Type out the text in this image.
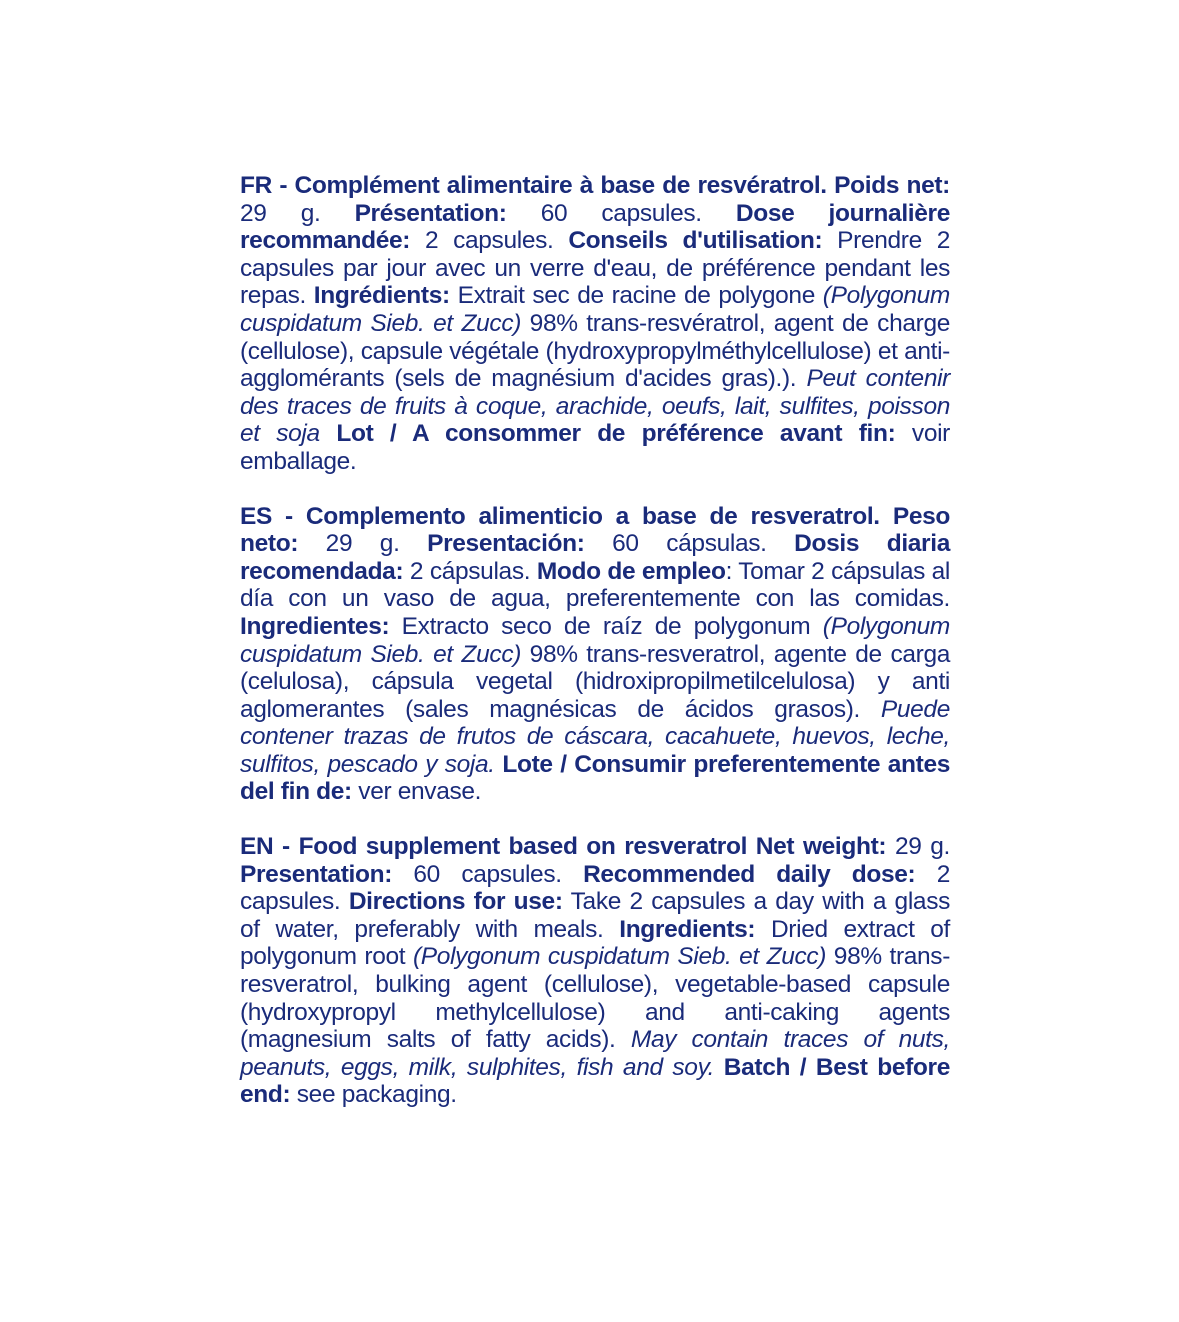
FR - Complément alimentaire à base de resvératrol. Poids net: 29 g. Présentation: 60 capsules. Dose journalière recommandée: 2 capsules. Conseils d'utilisation: Prendre 2 capsules par jour avec un verre d'eau, de préférence pendant les repas. Ingrédients: Extrait sec de racine de polygone (Polygonum cuspidatum Sieb. et Zucc) 98% trans-resvératrol, agent de charge (cellulose), capsule végétale (hydroxypropylméthylcellulose) et anti-agglomérants (sels de magnésium d'acides gras).). Peut contenir des traces de fruits à coque, arachide, oeufs, lait, sulfites, poisson et soja Lot / A consommer de préférence avant fin: voir emballage.

ES - Complemento alimenticio a base de resveratrol. Peso neto: 29 g. Presentación: 60 cápsulas. Dosis diaria recomendada: 2 cápsulas. Modo de empleo: Tomar 2 cápsulas al día con un vaso de agua, preferentemente con las comidas. Ingredientes: Extracto seco de raíz de polygonum (Polygonum cuspidatum Sieb. et Zucc) 98% trans-resveratrol, agente de carga (celulosa), cápsula vegetal (hidroxipropilmetilcelulosa) y anti aglomerantes (sales magnésicas de ácidos grasos). Puede contener trazas de frutos de cáscara, cacahuete, huevos, leche, sulfitos, pescado y soja. Lote / Consumir preferentemente antes del fin de: ver envase.

EN - Food supplement based on resveratrol Net weight: 29 g. Presentation: 60 capsules. Recommended daily dose: 2 capsules. Directions for use: Take 2 capsules a day with a glass of water, preferably with meals. Ingredients: Dried extract of polygonum root (Polygonum cuspidatum Sieb. et Zucc) 98% trans-resveratrol, bulking agent (cellulose), vegetable-based capsule (hydroxypropyl methylcellulose) and anti-caking agents (magnesium salts of fatty acids). May contain traces of nuts, peanuts, eggs, milk, sulphites, fish and soy. Batch / Best before end: see packaging.
